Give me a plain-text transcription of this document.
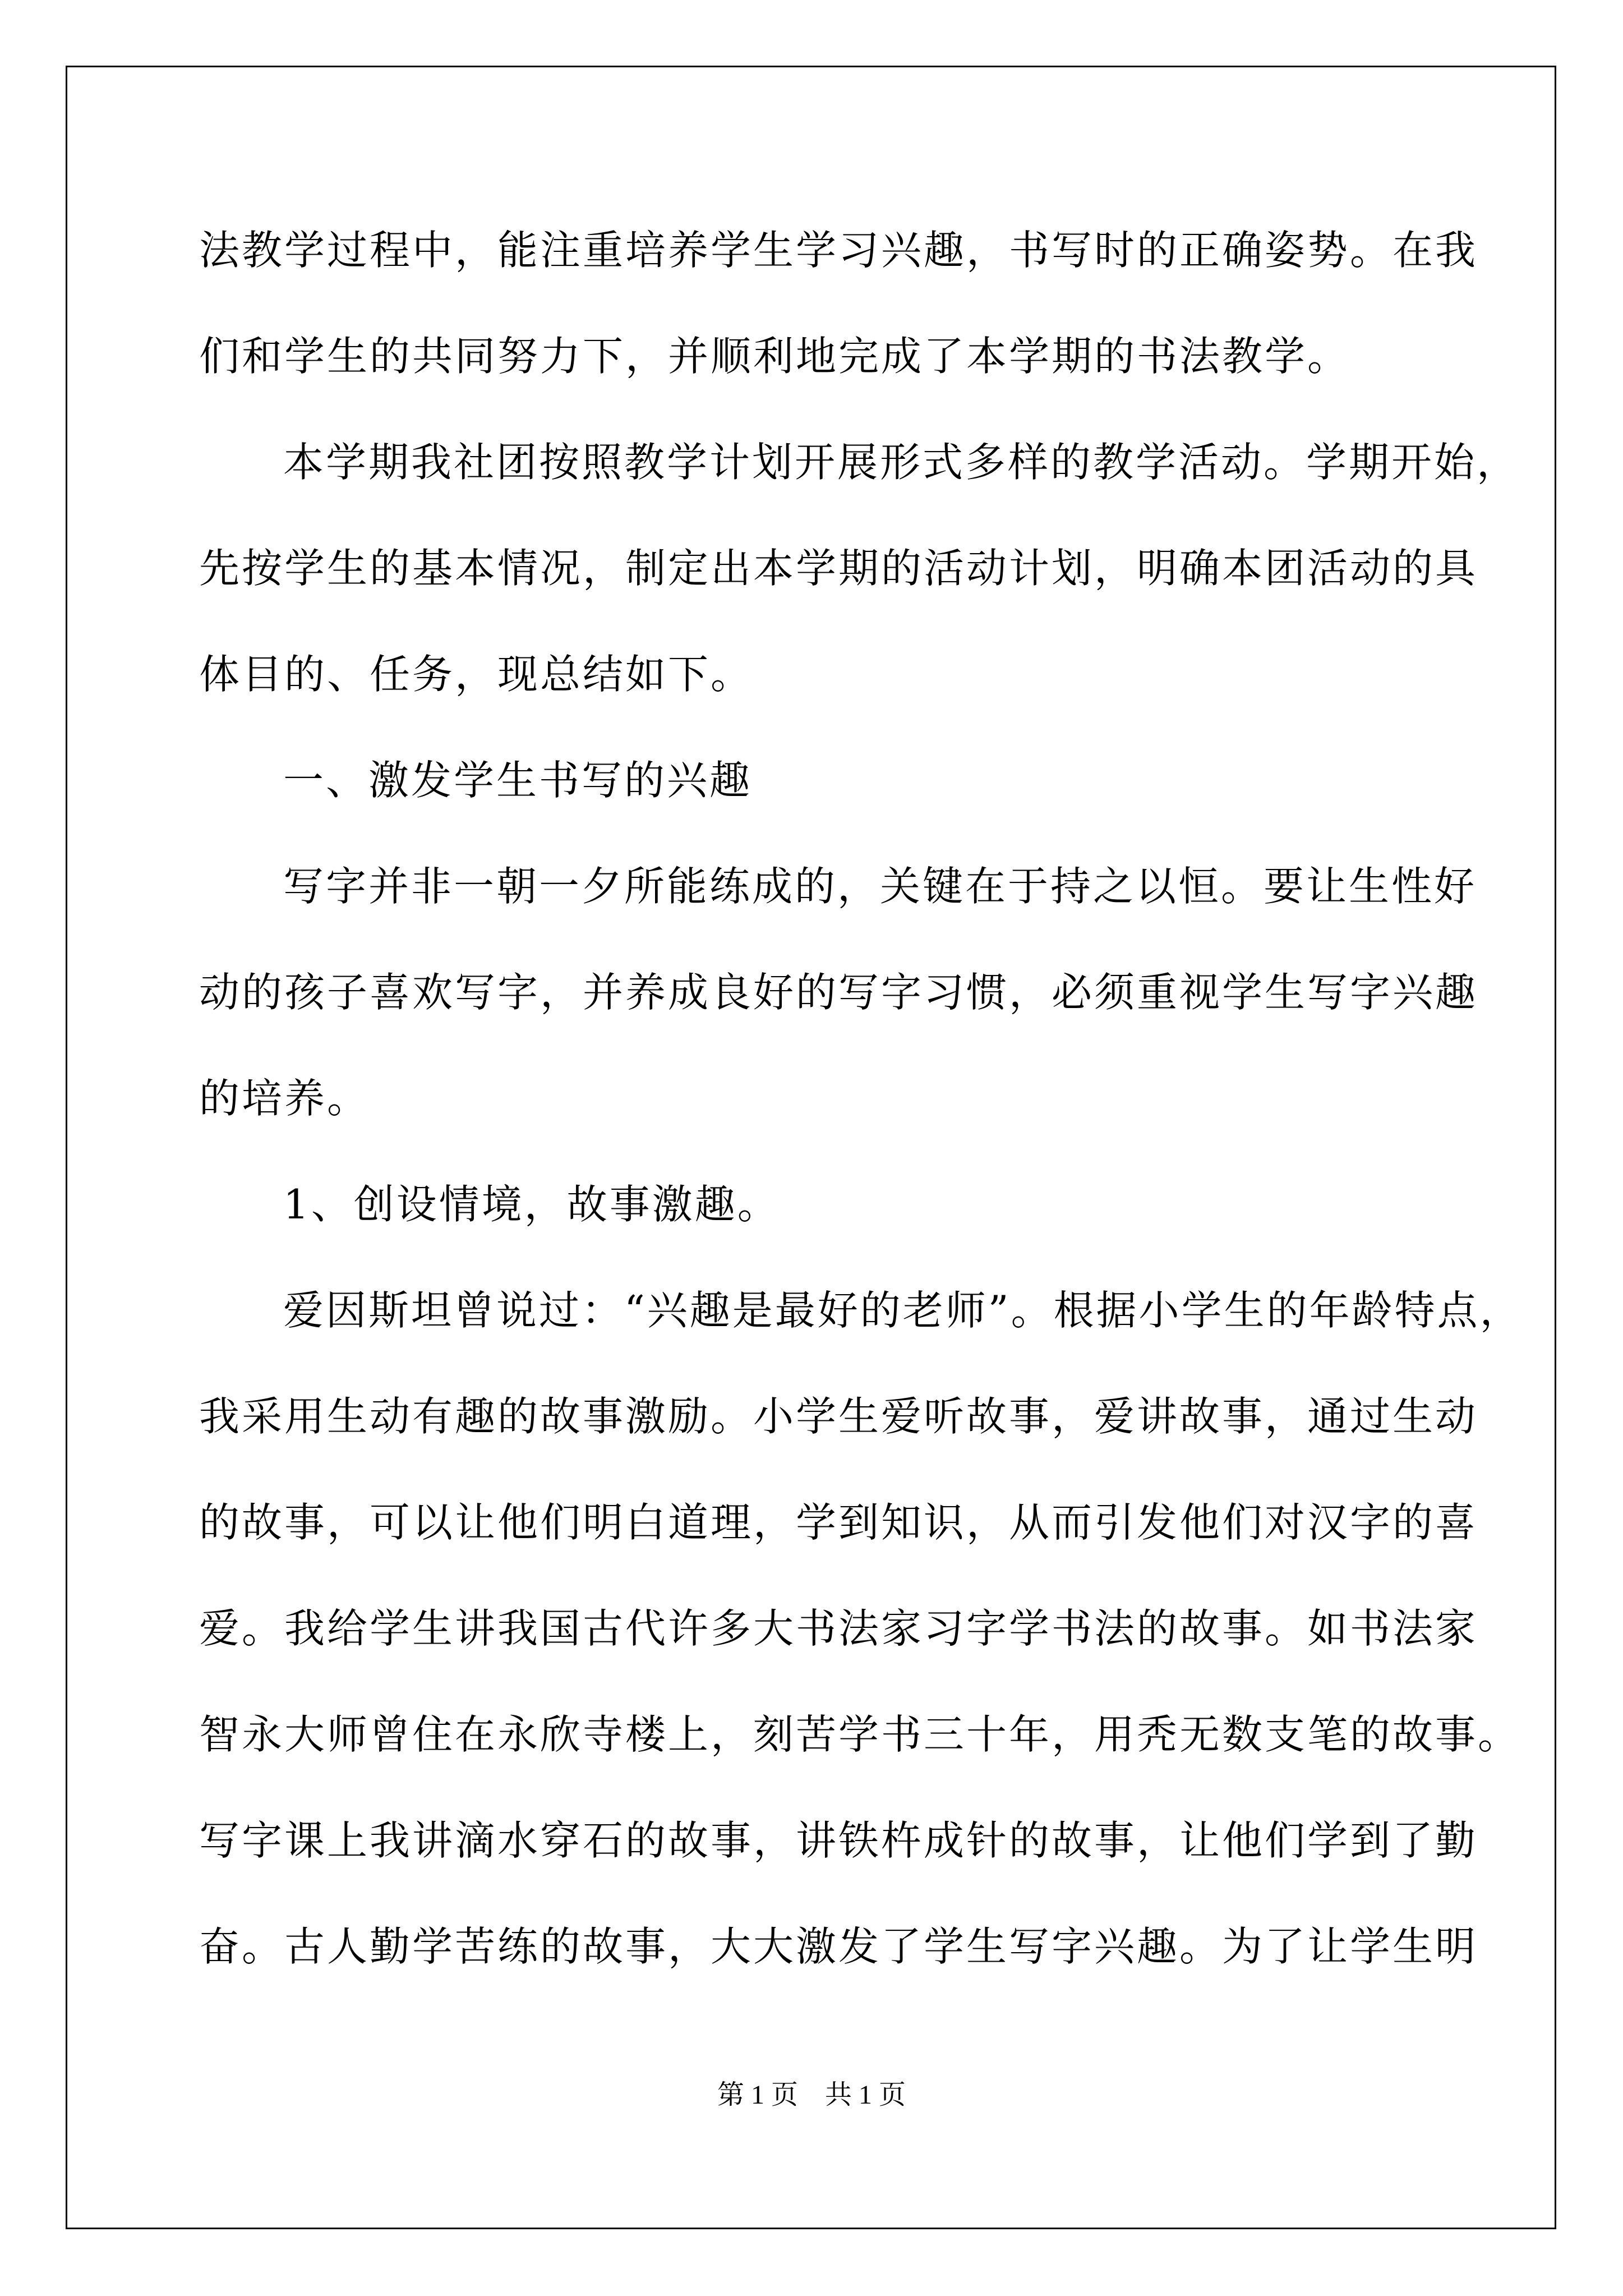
法教学过程中，能注重培养学生学习兴趣，书写时的正确姿势。在我
们和学生的共同努力下，并顺利地完成了本学期的书法教学。
本学期我社团按照教学计划开展形式多样的教学活动。学期开始，
先按学生的基本情况，制定出本学期的活动计划，明确本团活动的具
体目的、任务，现总结如下。
一、激发学生书写的兴趣
写字并非一朝一夕所能练成的，关键在于持之以恒。要让生性好
动的孩子喜欢写字，并养成良好的写字习惯，必须重视学生写字兴趣
的培养。
1、创设情境，故事激趣。
爱因斯坦曾说过：“兴趣是最好的老师”。根据小学生的年龄特点，
我采用生动有趣的故事激励。小学生爱听故事，爱讲故事，通过生动
的故事，可以让他们明白道理，学到知识，从而引发他们对汉字的喜
爱。我给学生讲我国古代许多大书法家习字学书法的故事。如书法家
智永大师曾住在永欣寺楼上，刻苦学书三十年，用秃无数支笔的故事。
写字课上我讲滴水穿石的故事，讲铁杵成针的故事，让他们学到了勤
奋。古人勤学苦练的故事，大大激发了学生写字兴趣。为了让学生明
第 1 页    共 1 页
